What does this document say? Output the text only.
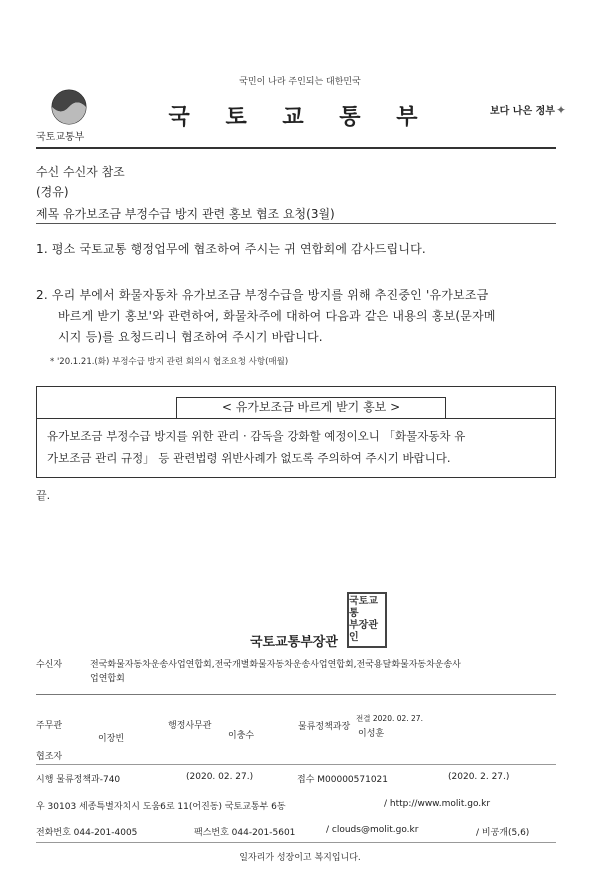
국민이 나라 주인되는 대한민국
국토교통부
국 토 교 통 부	보다 나은 정부✦
수신 수신자 참조
(경유)
제목 유가보조금 부정수급 방지 관련 홍보 협조 요청(3월)
1. 평소 국토교통 행정업무에 협조하여 주시는 귀 연합회에 감사드립니다.
2. 우리 부에서 화물자동차 유가보조금 부정수급을 방지를 위해 추진중인 '유가보조금
바르게 받기 홍보'와 관련하여, 화물차주에 대하여 다음과 같은 내용의 홍보(문자메
시지 등)를 요청드리니 협조하여 주시기 바랍니다.
* '20.1.21.(화) 부정수급 방지 관련 회의시 협조요청 사항(매월)
< 유가보조금 바르게 받기 홍보 >
유가보조금 부정수급 방지를 위한 관리 · 감독을 강화할 예정이오니 「화물자동차 유
가보조금 관리 규정」 등 관련법령 위반사례가 없도록 주의하여 주시기 바랍니다.
끝.
국토교통부장관
국토교통
부장관인
수신자	전국화물자동차운송사업연합회,전국개별화물자동차운송사업연합회,전국용달화물자동차운송사
업연합회
주무관
이장빈
행정사무관
이충수
물류정책과장
전결 2020. 02. 27.
이성훈
협조자
시행 물류정책과-740	(2020. 02. 27.)	접수 M00000571021	(2020. 2. 27.)
우 30103 세종특별자치시 도움6로 11(어진동) 국토교통부 6동	/ http://www.molit.go.kr
전화번호 044-201-4005	팩스번호 044-201-5601	/ clouds@molit.go.kr	/ 비공개(5,6)
일자리가 성장이고 복지입니다.
